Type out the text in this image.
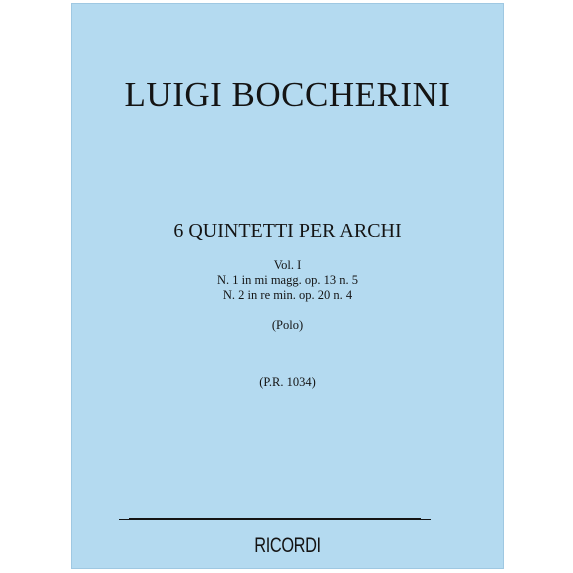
LUIGI BOCCHERINI
6 QUINTETTI PER ARCHI
Vol. I
N. 1 in mi magg. op. 13 n. 5
N. 2 in re min. op. 20 n. 4
(Polo)
(P.R. 1034)
RICORDI
